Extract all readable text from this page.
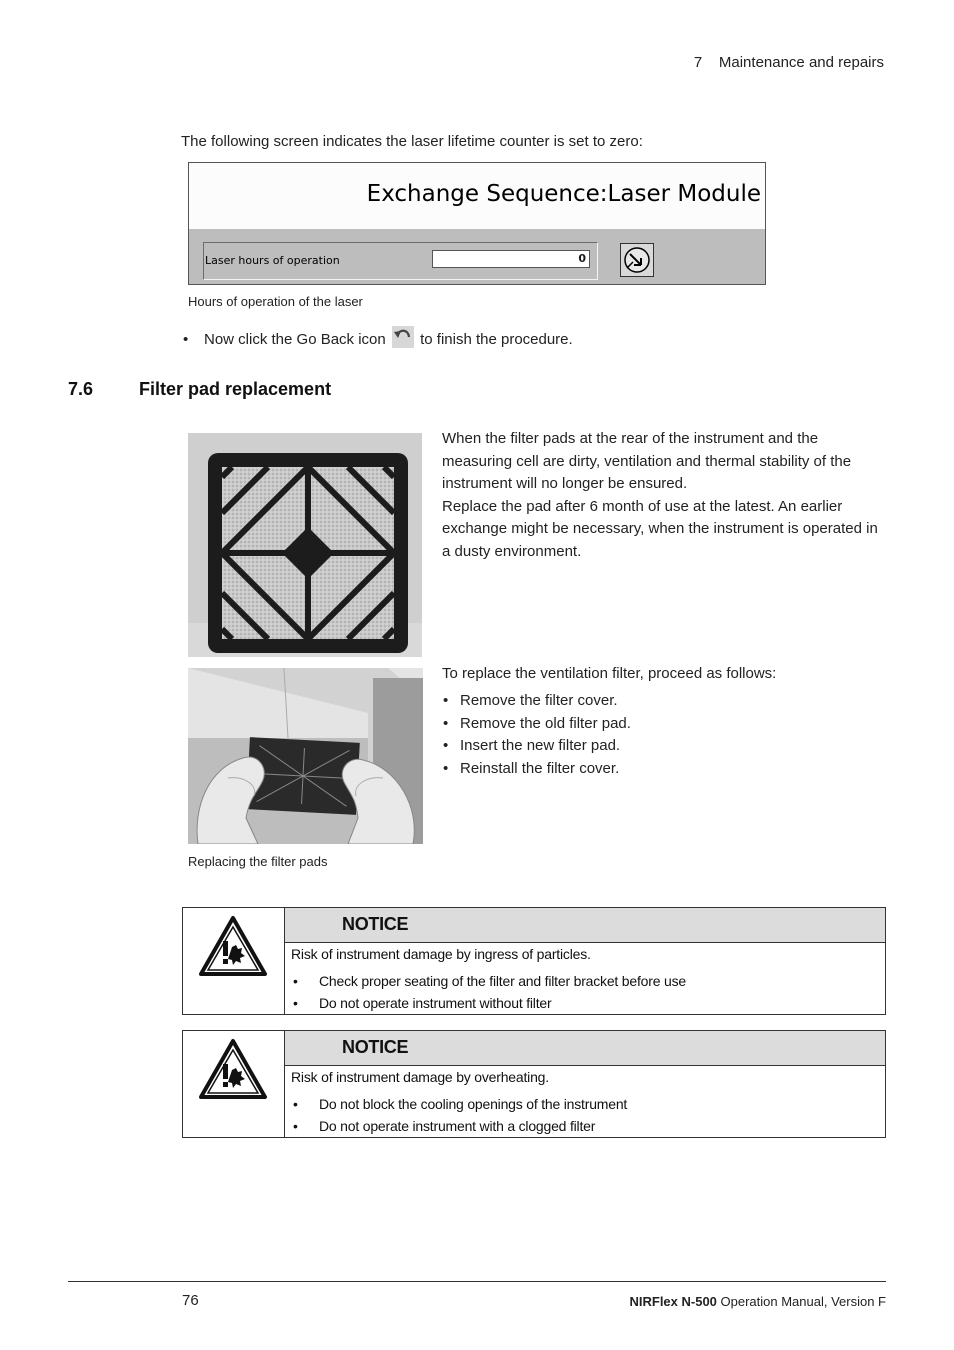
7    Maintenance and repairs
The following screen indicates the laser lifetime counter is set to zero:
Exchange Sequence:Laser Module
Laser hours of operation	0
Hours of operation of the laser
• Now click the Go Back icon to finish the procedure.
7.6	Filter pad replacement
When the filter pads at the rear of the instrument and the measuring cell are dirty, ventilation and thermal stability of the instrument will no longer be ensured.
Replace the pad after 6 month of use at the latest. An earlier exchange might be necessary, when the instrument is operated in a dusty environment.
To replace the ventilation filter, proceed as follows:
• Remove the filter cover.
• Remove the old filter pad.
• Insert the new filter pad.
• Reinstall the filter cover.
Replacing the filter pads
NOTICE
Risk of instrument damage by ingress of particles.
• Check proper seating of the filter and filter bracket before use
• Do not operate instrument without filter
NOTICE
Risk of instrument damage by overheating.
• Do not block the cooling openings of the instrument
• Do not operate instrument with a clogged filter
76	NIRFlex N-500 Operation Manual, Version F
